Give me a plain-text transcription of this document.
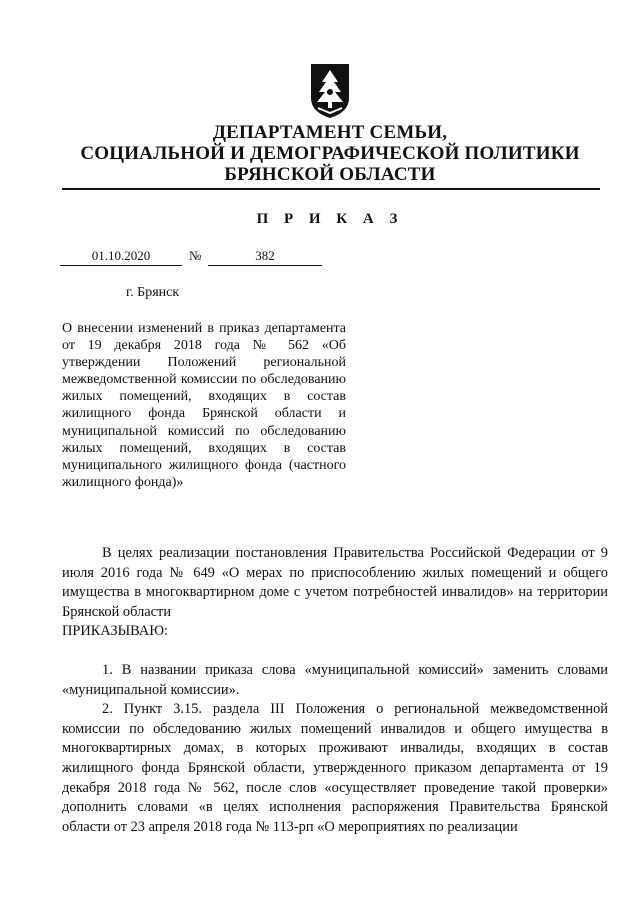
ДЕПАРТАМЕНТ СЕМЬИ,
СОЦИАЛЬНОЙ И ДЕМОГРАФИЧЕСКОЙ ПОЛИТИКИ
БРЯНСКОЙ ОБЛАСТИ
П Р И К А З
01.10.2020	№	382
г. Брянск
О внесении изменений в приказ департамента от 19 декабря 2018 года № 562 «Об утверждении Положений региональной межведомственной комиссии по обследованию жилых помещений, входящих в состав жилищного фонда Брянской области и муниципальной комиссий по обследованию жилых помещений, входящих в состав муниципального жилищного фонда (частного жилищного фонда)»

В целях реализации постановления Правительства Российской Федерации от 9 июля 2016 года № 649 «О мерах по приспособлению жилых помещений и общего имущества в многоквартирном доме с учетом потребностей инвалидов» на территории Брянской области

ПРИКАЗЫВАЮ:

1. В названии приказа слова «муниципальной комиссий» заменить словами «муниципальной комиссии».

2. Пункт 3.15. раздела III Положения о региональной межведомственной комиссии по обследованию жилых помещений инвалидов и общего имущества в многоквартирных домах, в которых проживают инвалиды, входящих в состав жилищного фонда Брянской области, утвержденного приказом департамента от 19 декабря 2018 года № 562, после слов «осуществляет проведение такой проверки» дополнить словами «в целях исполнения распоряжения Правительства Брянской области от 23 апреля 2018 года № 113-рп «О мероприятиях по реализации
